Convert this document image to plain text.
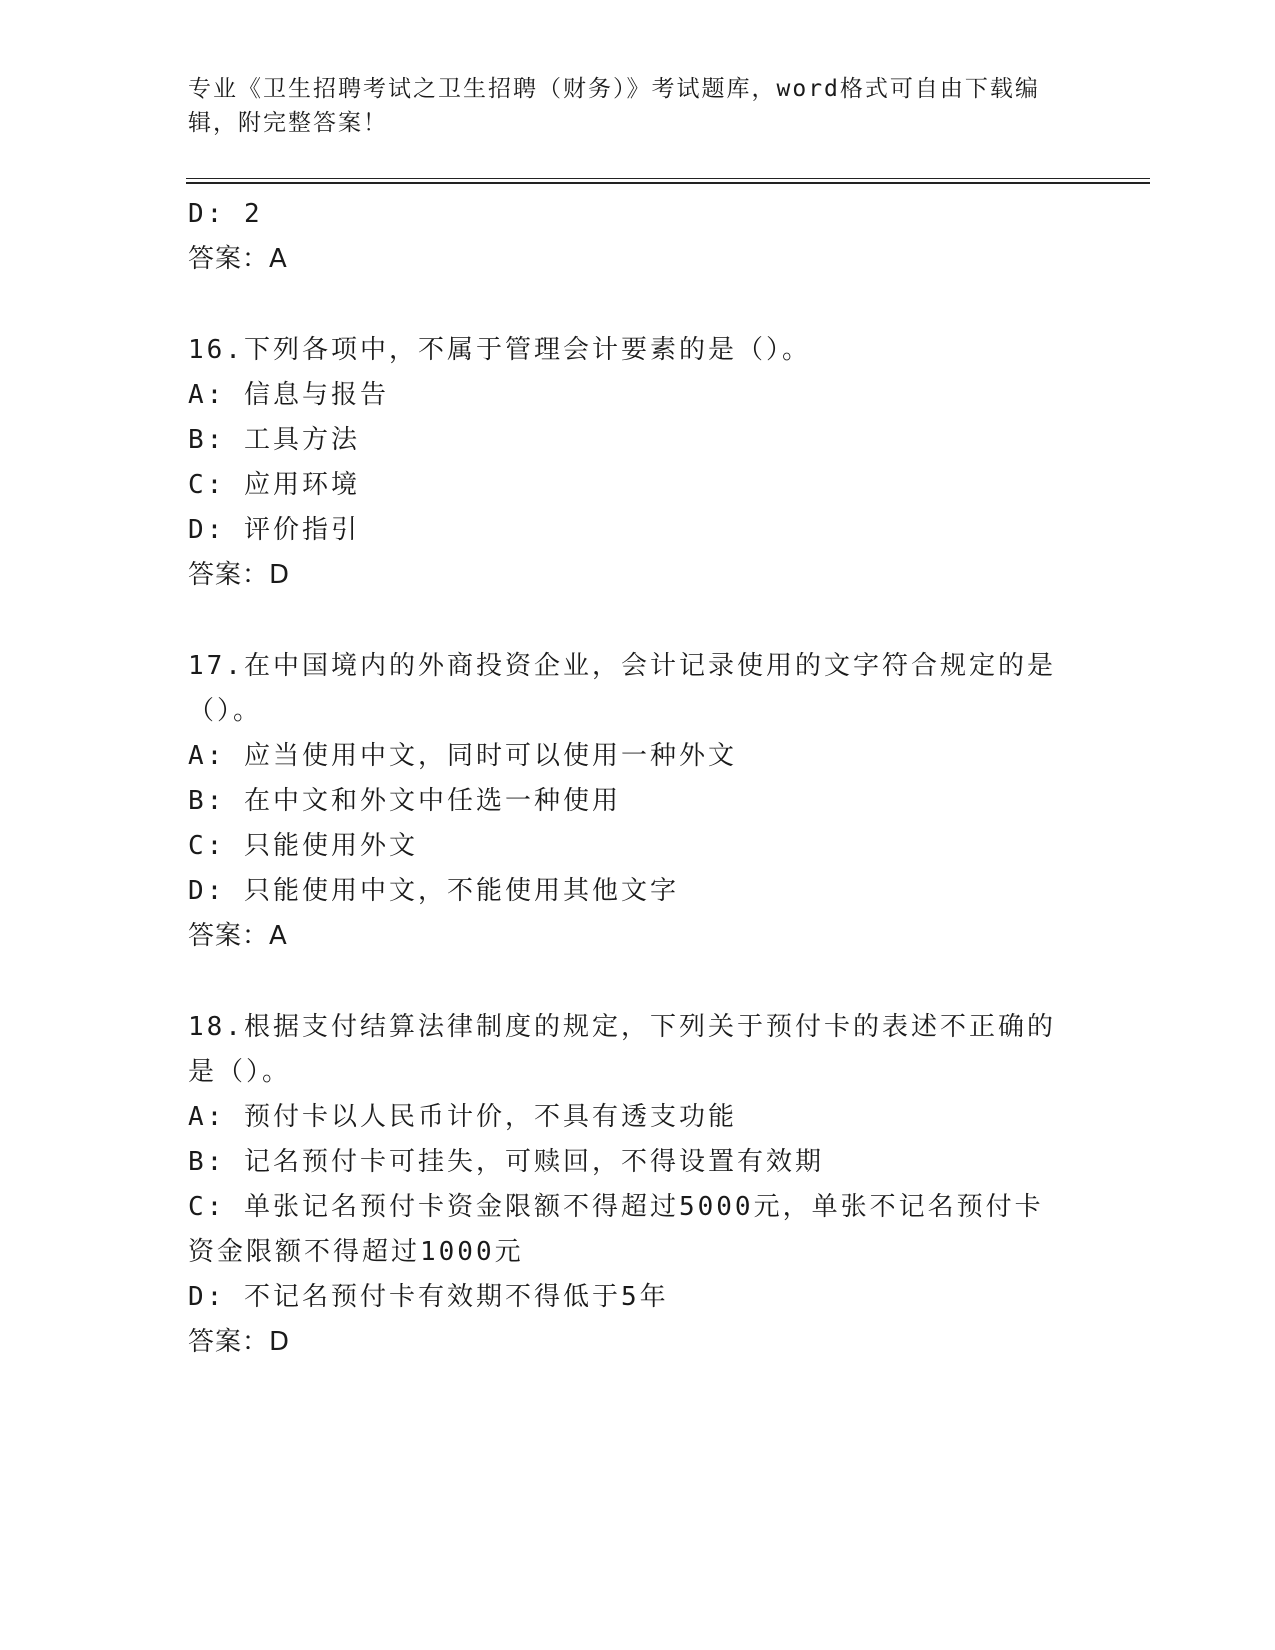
专业《卫生招聘考试之卫生招聘（财务）》考试题库，word格式可自由下载编辑，附完整答案！
D: 2
答案：A
16.下列各项中，不属于管理会计要素的是（）。
A: 信息与报告
B: 工具方法
C: 应用环境
D: 评价指引
答案：D
17.在中国境内的外商投资企业，会计记录使用的文字符合规定的是（）。
A: 应当使用中文，同时可以使用一种外文
B: 在中文和外文中任选一种使用
C: 只能使用外文
D: 只能使用中文，不能使用其他文字
答案：A
18.根据支付结算法律制度的规定，下列关于预付卡的表述不正确的是（）。
A: 预付卡以人民币计价，不具有透支功能
B: 记名预付卡可挂失，可赎回，不得设置有效期
C: 单张记名预付卡资金限额不得超过5000元，单张不记名预付卡资金限额不得超过1000元
D: 不记名预付卡有效期不得低于5年
答案：D
